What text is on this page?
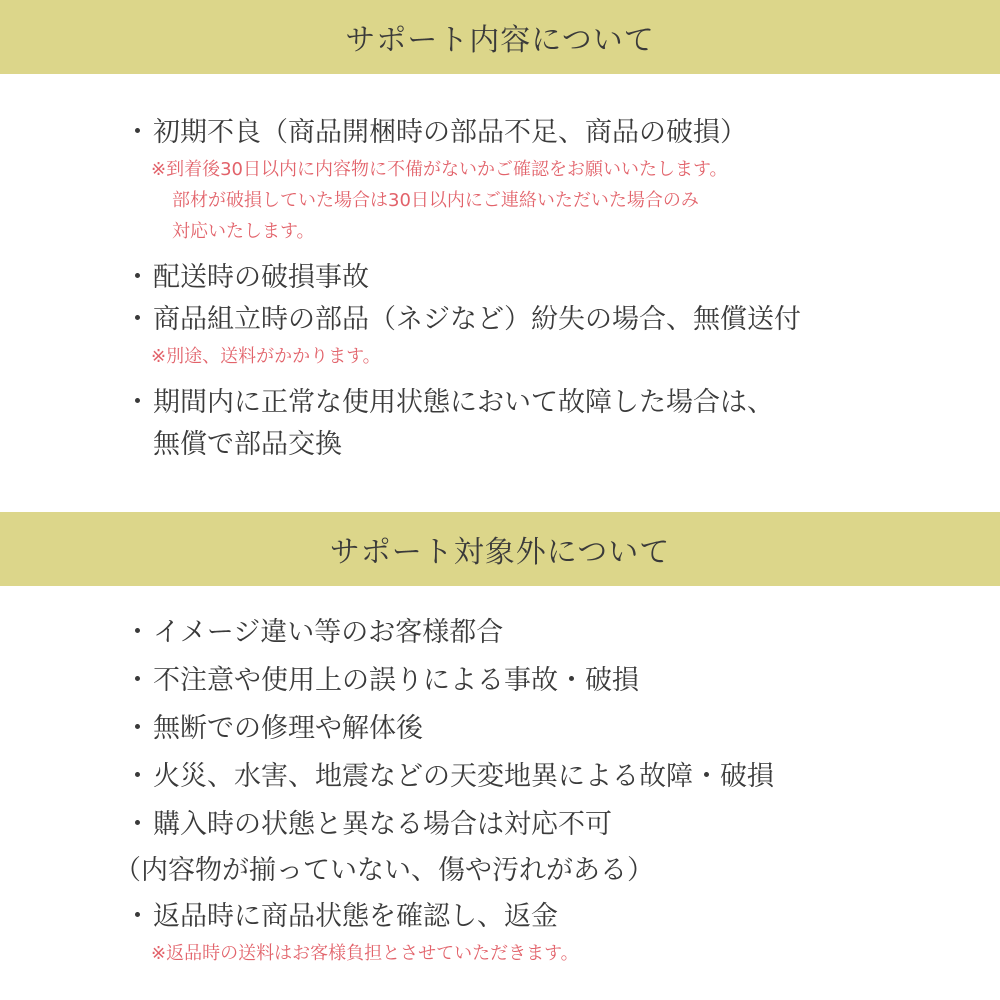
サポート内容について
・初期不良（商品開梱時の部品不足、商品の破損）
※到着後30日以内に内容物に不備がないかご確認をお願いいたします。
部材が破損していた場合は30日以内にご連絡いただいた場合のみ
対応いたします。
・配送時の破損事故
・商品組立時の部品（ネジなど）紛失の場合、無償送付
※別途、送料がかかります。
・期間内に正常な使用状態において故障した場合は、
無償で部品交換
サポート対象外について
・イメージ違い等のお客様都合
・不注意や使用上の誤りによる事故・破損
・無断での修理や解体後
・火災、水害、地震などの天変地異による故障・破損
・購入時の状態と異なる場合は対応不可
（内容物が揃っていない、傷や汚れがある）
・返品時に商品状態を確認し、返金
※返品時の送料はお客様負担とさせていただきます。
